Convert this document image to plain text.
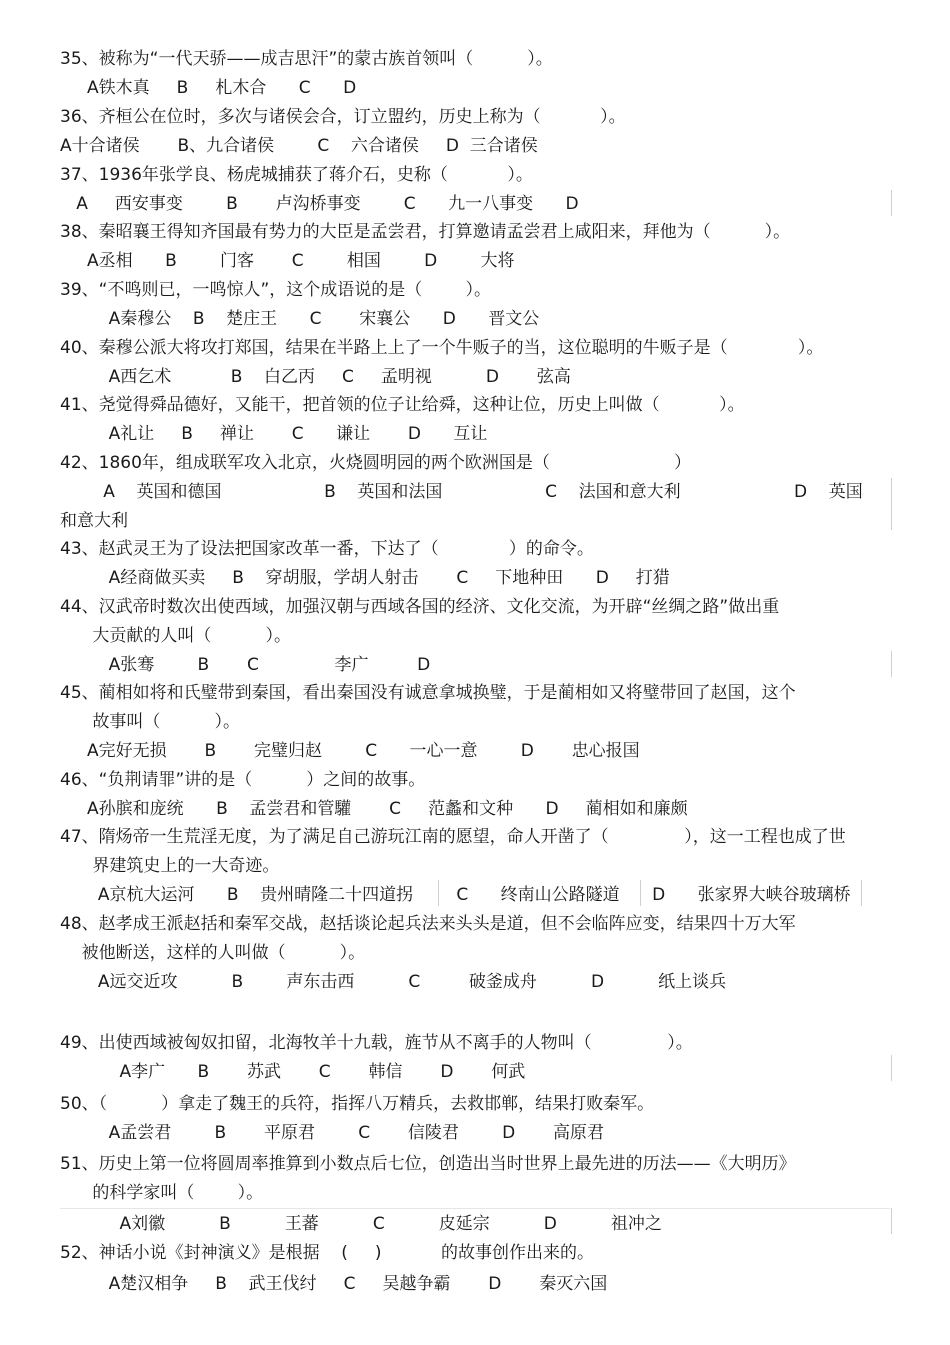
35、被称为“一代天骄——成吉思汗”的蒙古族首领叫（          ）。
A铁木真     B     札木合      C      D
36、齐桓公在位时，多次与诸侯会合，订立盟约，历史上称为（           ）。
A十合诸侯       B、九合诸侯        C    六合诸侯     D  三合诸侯
37、1936年张学良、杨虎城捕获了蒋介石，史称（           ）。
A     西安事变        B       卢沟桥事变        C      九一八事变      D
38、秦昭襄王得知齐国最有势力的大臣是孟尝君，打算邀请孟尝君上咸阳来，拜他为（          ）。
A丞相      B        门客       C        相国        D        大将
39、“不鸣则已，一鸣惊人”，这个成语说的是（        ）。
A秦穆公    B    楚庄王      C       宋襄公      D      晋文公
40、秦穆公派大将攻打郑国，结果在半路上上了一个牛贩子的当，这位聪明的牛贩子是（             ）。
A西乞术           B    白乙丙     C     孟明视          D       弦高
41、尧觉得舜品德好，又能干，把首领的位子让给舜，这种让位，历史上叫做（           ）。
A礼让     B     禅让       C      谦让       D      互让
42、1860年，组成联军攻入北京，火烧圆明园的两个欧洲国是（                       ）
A    英国和德国                   B    英国和法国                   C    法国和意大利                     D    英国
和意大利
43、赵武灵王为了设法把国家改革一番，下达了（             ）的命令。
A经商做买卖     B    穿胡服，学胡人射击       C     下地种田      D     打猎
44、汉武帝时数次出使西域，加强汉朝与西域各国的经济、文化交流，为开辟“丝绸之路”做出重
大贡献的人叫（          ）。
A张骞        B       C              李广         D
45、蔺相如将和氏璧带到秦国，看出秦国没有诚意拿城换璧，于是蔺相如又将璧带回了赵国，这个
故事叫（          ）。
A完好无损       B       完璧归赵        C      一心一意        D       忠心报国
46、“负荆请罪”讲的是（          ）之间的故事。
A孙膑和庞统      B    孟尝君和管驩       C     范蠡和文种      D     蔺相如和廉颇
47、隋炀帝一生荒淫无度，为了满足自己游玩江南的愿望，命人开凿了（              ），这一工程也成了世
界建筑史上的一大奇迹。
A京杭大运河      B    贵州晴隆二十四道拐        C      终南山公路隧道      D      张家界大峡谷玻璃桥
48、赵孝成王派赵括和秦军交战，赵括谈论起兵法来头头是道，但不会临阵应变，结果四十万大军
被他断送，这样的人叫做（          ）。
A远交近攻          B        声东击西          C         破釜成舟          D          纸上谈兵
49、出使西域被匈奴扣留，北海牧羊十九载，旌节从不离手的人物叫（              ）。
A李广      B       苏武       C       韩信       D       何武
50、（          ）拿走了魏王的兵符，指挥八万精兵，去救邯郸，结果打败秦军。
A孟尝君        B       平原君        C       信陵君        D       高原君
51、历史上第一位将圆周率推算到小数点后七位，创造出当时世界上最先进的历法——《大明历》
的科学家叫（        ）。
A刘徽          B          王蕃          C          皮延宗          D          祖冲之
52、神话小说《封神演义》是根据    (     )           的故事创作出来的。
A楚汉相争     B    武王伐纣     C     吴越争霸       D       秦灭六国
